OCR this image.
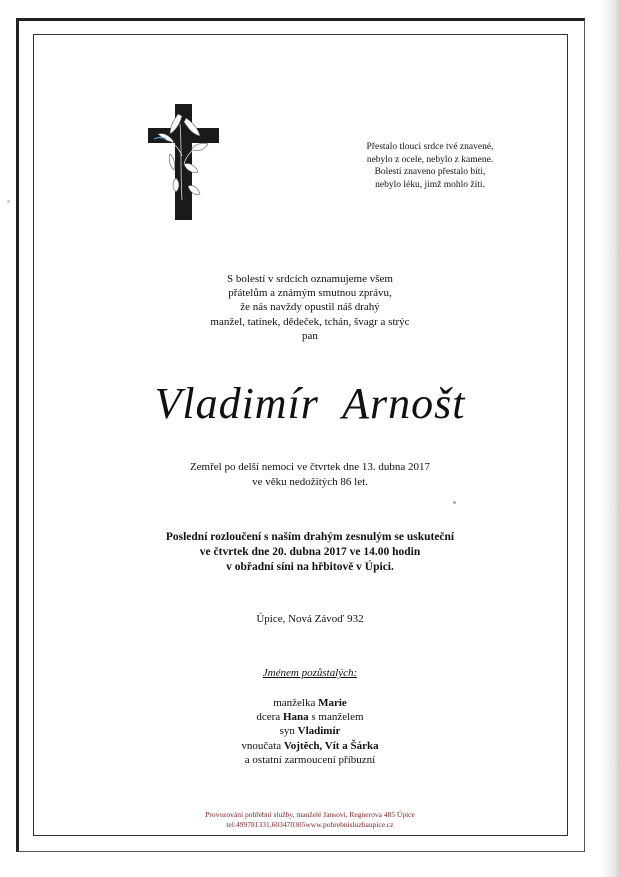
Přestalo tlouci srdce tvé znavené,
nebylo z ocele, nebylo z kamene.
Bolestí znaveno přestalo bíti,
nebylo léku, jímž mohlo žíti.
S bolestí v srdcích oznamujeme všem
přátelům a známým smutnou zprávu,
že nás navždy opustil náš drahý
manžel, tatínek, dědeček, tchán, švagr a strýc
pan
Vladimír  Arnošt
Zemřel po delší nemoci ve čtvrtek dne 13. dubna 2017
ve věku nedožitých 86 let.
Poslední rozloučení s naším drahým zesnulým se uskuteční
ve čtvrtek dne 20. dubna 2017 ve 14.00 hodin
v obřadní síni na hřbitově v Úpici.
Úpice, Nová Závoď 932
Jménem pozůstalých:
manželka Marie
dcera Hana s manželem
syn Vladimír
vnoučata Vojtěch, Vít a Šárka
a ostatní zarmoucení příbuzní
Provozování pohřební služby, manželé Jansovi, Regnerova 485 Úpice
tel:499781331,603470305www.pohrebnisluzbaupice.cz
